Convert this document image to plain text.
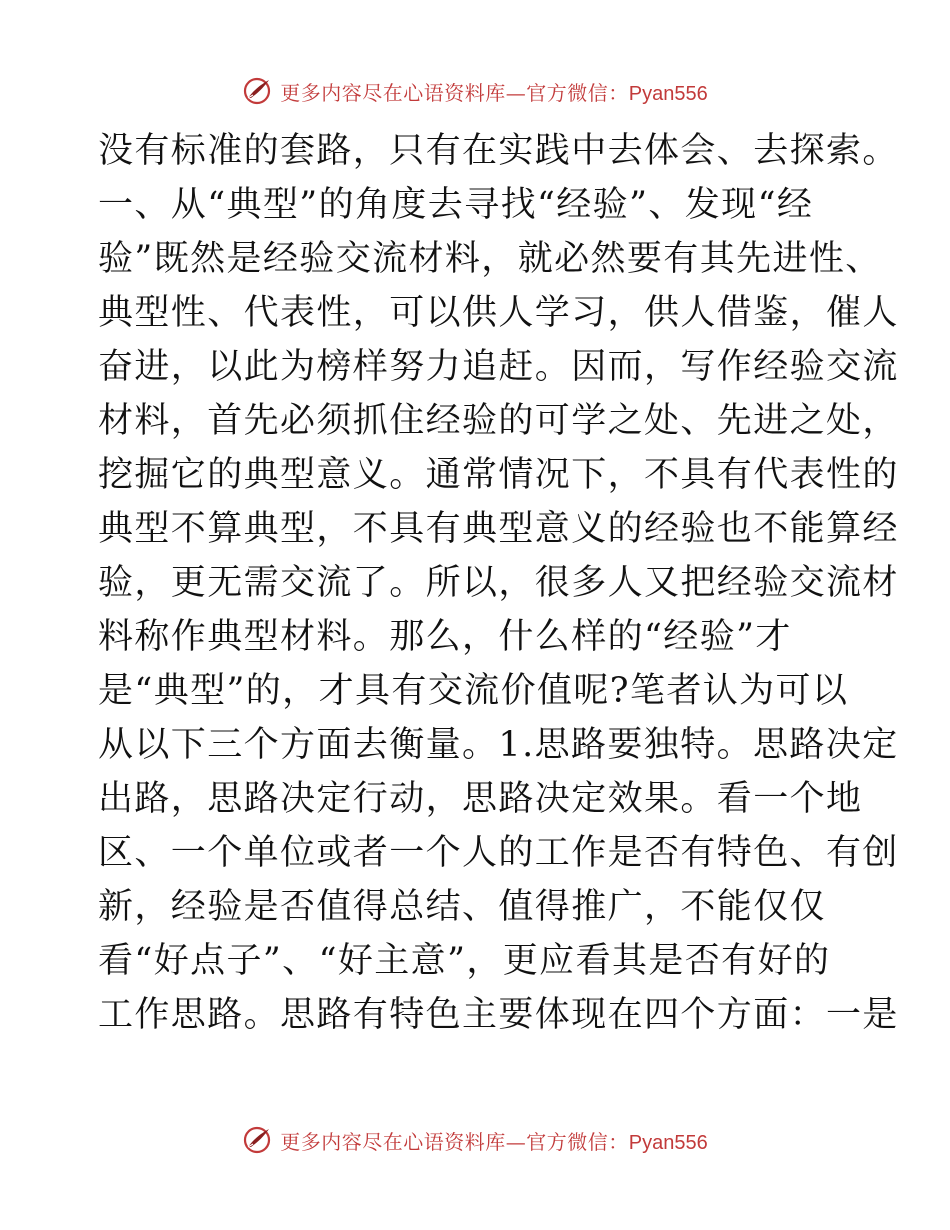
更多内容尽在心语资料库—官方微信：Pyan556
没有标准的套路，只有在实践中去体会、去探索。
一、从“典型”的角度去寻找“经验”、发现“经
验”既然是经验交流材料，就必然要有其先进性、
典型性、代表性，可以供人学习，供人借鉴，催人
奋进，以此为榜样努力追赶。因而，写作经验交流
材料，首先必须抓住经验的可学之处、先进之处，
挖掘它的典型意义。通常情况下，不具有代表性的
典型不算典型，不具有典型意义的经验也不能算经
验，更无需交流了。所以，很多人又把经验交流材
料称作典型材料。那么，什么样的“经验”才
是“典型”的，才具有交流价值呢?笔者认为可以
从以下三个方面去衡量。1.思路要独特。思路决定
出路，思路决定行动，思路决定效果。看一个地
区、一个单位或者一个人的工作是否有特色、有创
新，经验是否值得总结、值得推广，不能仅仅
看“好点子”、“好主意”，更应看其是否有好的
工作思路。思路有特色主要体现在四个方面：一是
更多内容尽在心语资料库—官方微信：Pyan556
